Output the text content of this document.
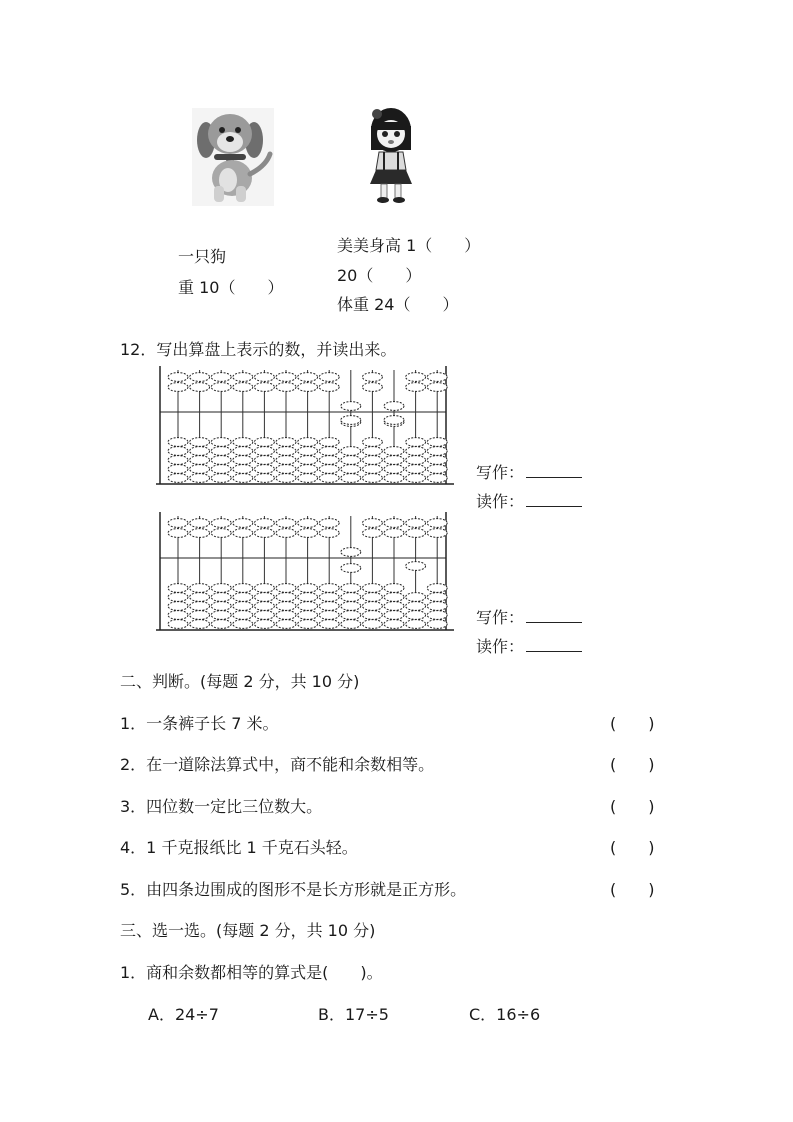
一只狗
重 10（　　）
美美身高 1（　　）
20（　　）
体重 24（　　）
12．写出算盘上表示的数，并读出来。
写作：
读作：
写作：
读作：
二、判断。(每题 2 分，共 10 分)
1．一条裤子长 7 米。	(　　)
2．在一道除法算式中，商不能和余数相等。	(　　)
3．四位数一定比三位数大。	(　　)
4．1 千克报纸比 1 千克石头轻。	(　　)
5．由四条边围成的图形不是长方形就是正方形。	(　　)
三、选一选。(每题 2 分，共 10 分)
1．商和余数都相等的算式是(　　)。
A．24÷7	B．17÷5	C．16÷6
